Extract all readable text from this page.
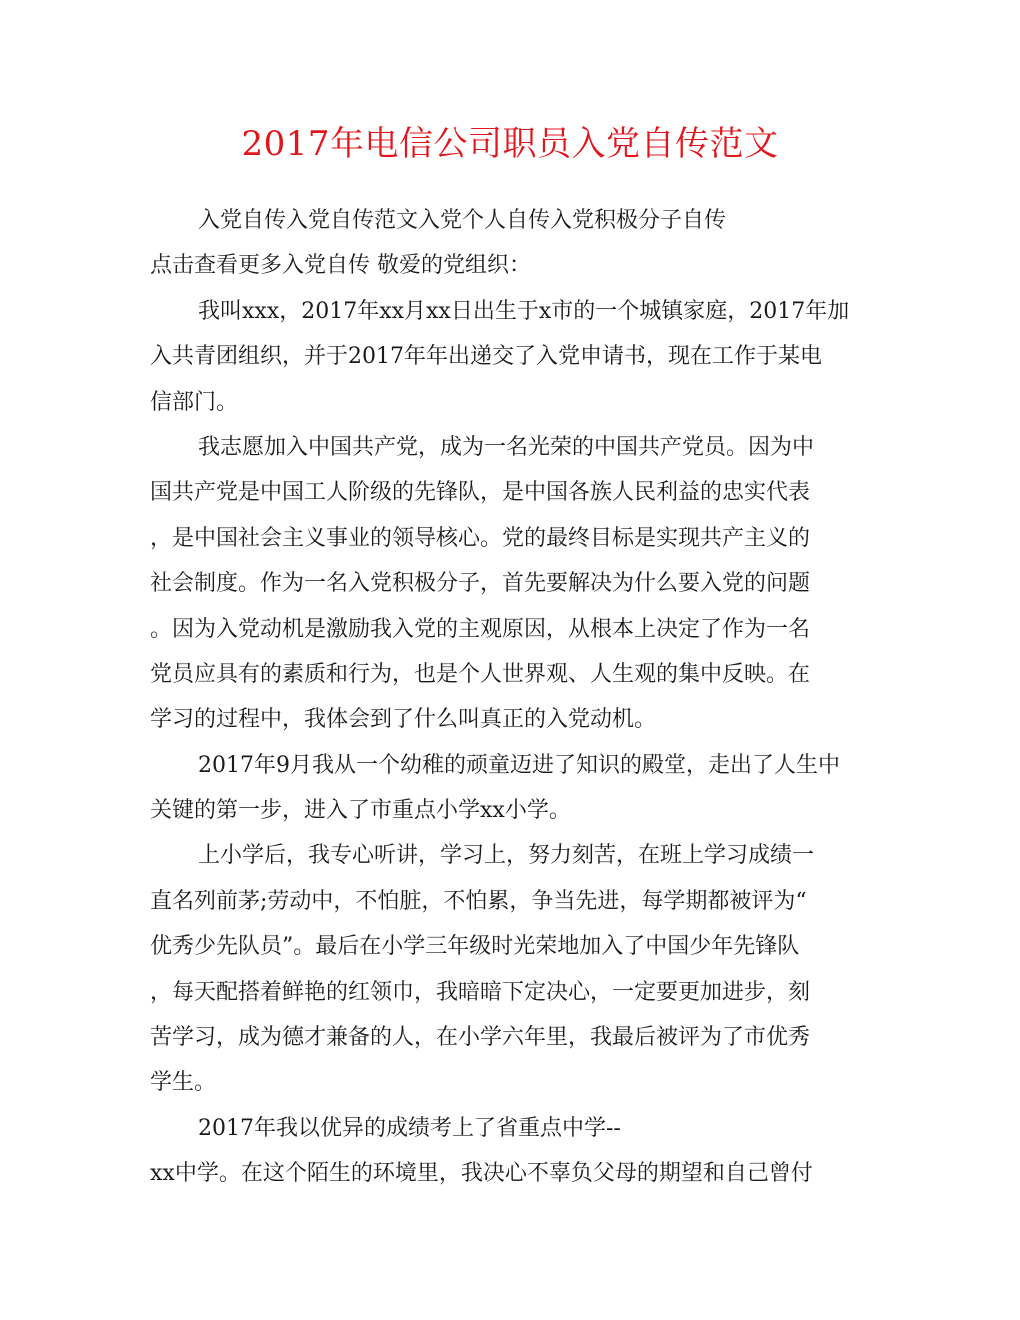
2017年电信公司职员入党自传范文
入党自传入党自传范文入党个人自传入党积极分子自传
点击查看更多入党自传 敬爱的党组织：
我叫xxx，2017年xx月xx日出生于x市的一个城镇家庭，2017年加
入共青团组织，并于2017年年出递交了入党申请书，现在工作于某电
信部门。
我志愿加入中国共产党，成为一名光荣的中国共产党员。因为中
国共产党是中国工人阶级的先锋队，是中国各族人民利益的忠实代表
，是中国社会主义事业的领导核心。党的最终目标是实现共产主义的
社会制度。作为一名入党积极分子，首先要解决为什么要入党的问题
。因为入党动机是激励我入党的主观原因，从根本上决定了作为一名
党员应具有的素质和行为，也是个人世界观、人生观的集中反映。在
学习的过程中，我体会到了什么叫真正的入党动机。
2017年9月我从一个幼稚的顽童迈进了知识的殿堂，走出了人生中
关键的第一步，进入了市重点小学xx小学。
上小学后，我专心听讲，学习上，努力刻苦，在班上学习成绩一
直名列前茅;劳动中，不怕脏，不怕累，争当先进，每学期都被评为“
优秀少先队员”。最后在小学三年级时光荣地加入了中国少年先锋队
，每天配搭着鲜艳的红领巾，我暗暗下定决心，一定要更加进步，刻
苦学习，成为德才兼备的人，在小学六年里，我最后被评为了市优秀
学生。
2017年我以优异的成绩考上了省重点中学--
xx中学。在这个陌生的环境里，我决心不辜负父母的期望和自己曾付
